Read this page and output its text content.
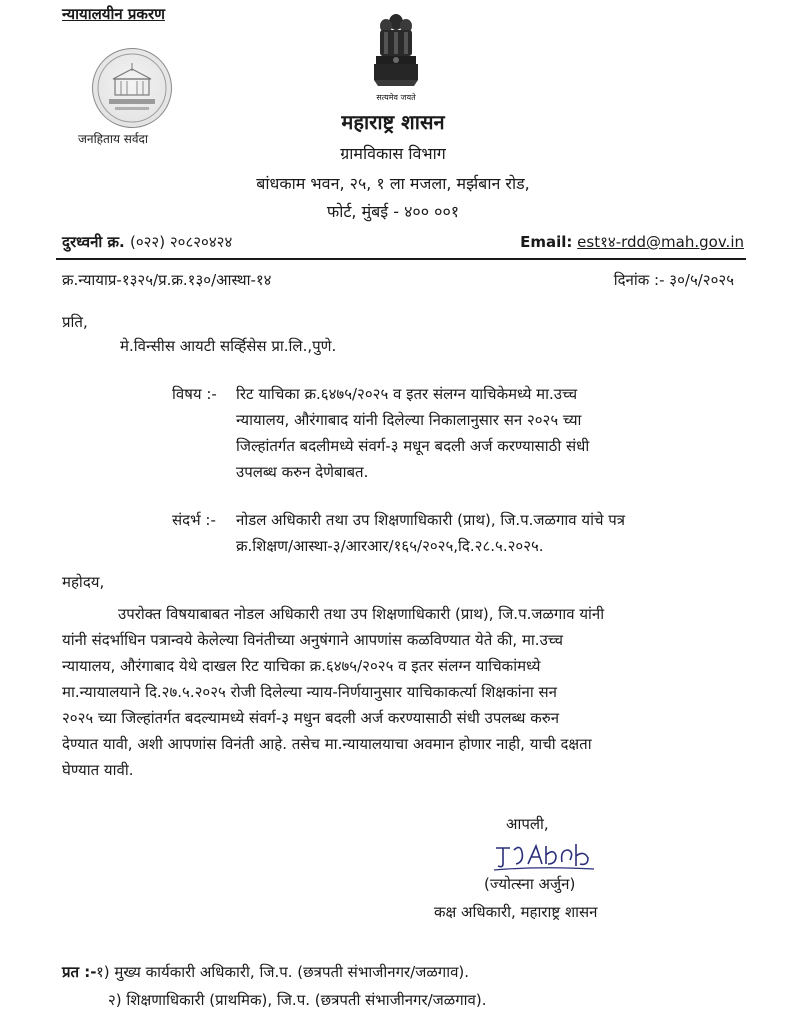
न्यायालयीन प्रकरण
जनहिताय सर्वदा
सत्यमेव जयते
महाराष्ट्र शासन
ग्रामविकास विभाग
बांधकाम भवन, २५, १ ला मजला, मर्झबान रोड,
फोर्ट, मुंबई - ४०० ००१
दुरध्वनी क्र. (०२२) २०८२०४२४	Email: est१४-rdd@mah.gov.in
क्र.न्यायाप्र-१३२५/प्र.क्र.१३०/आस्था-१४	दिनांक :- ३०/५/२०२५
प्रति,
मे.विन्सीस आयटी सर्व्हिसेस प्रा.लि.,पुणे.
विषय :- रिट याचिका क्र.६४७५/२०२५ व इतर संलग्न याचिकेमध्ये मा.उच्च
न्यायालय, औरंगाबाद यांनी दिलेल्या निकालानुसार सन २०२५ च्या
जिल्हांतर्गत बदलीमध्ये संवर्ग-३ मधून बदली अर्ज करण्यासाठी संधी
उपलब्ध करुन देणेबाबत.
संदर्भ :- नोडल अधिकारी तथा उप शिक्षणाधिकारी (प्राथ), जि.प.जळगाव यांचे पत्र
क्र.शिक्षण/आस्था-३/आरआर/१६५/२०२५,दि.२८.५.२०२५.
महोदय,
उपरोक्त विषयाबाबत नोडल अधिकारी तथा उप शिक्षणाधिकारी (प्राथ), जि.प.जळगाव यांनी
यांनी संदर्भाधिन पत्रान्वये केलेल्या विनंतीच्या अनुषंगाने आपणांस कळविण्यात येते की, मा.उच्च
न्यायालय, औरंगाबाद येथे दाखल रिट याचिका क्र.६४७५/२०२५ व इतर संलग्न याचिकांमध्ये
मा.न्यायालयाने दि.२७.५.२०२५ रोजी दिलेल्या न्याय-निर्णयानुसार याचिकाकर्त्या शिक्षकांना सन
२०२५ च्या जिल्हांतर्गत बदल्यामध्ये संवर्ग-३ मधुन बदली अर्ज करण्यासाठी संधी उपलब्ध करुन
देण्यात यावी, अशी आपणांस विनंती आहे. तसेच मा.न्यायालयाचा अवमान होणार नाही, याची दक्षता
घेण्यात यावी.
आपली,
(ज्योत्स्ना अर्जुन)
कक्ष अधिकारी, महाराष्ट्र शासन
प्रत :- १) मुख्य कार्यकारी अधिकारी, जि.प. (छत्रपती संभाजीनगर/जळगाव).
२) शिक्षणाधिकारी (प्राथमिक), जि.प. (छत्रपती संभाजीनगर/जळगाव).
